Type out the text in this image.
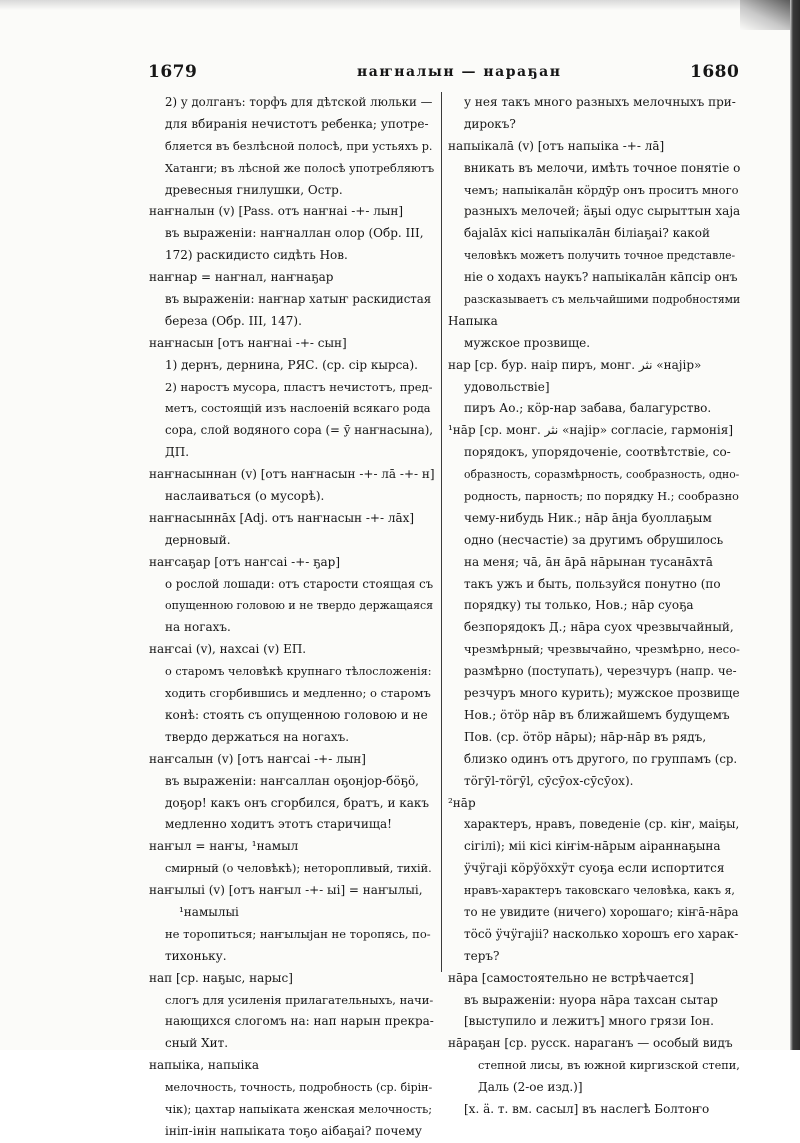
1679	наҥналын — нараҕан	1680
2) у долганъ: торфъ для дѣтской люльки —
для вбиранія нечистотъ ребенка; употре-
бляется въ безлѣсной полосѣ, при устьяхъ р.
Хатанги; въ лѣсной же полосѣ употребляютъ
древесныя гнилушки, Остр.
наҥналын (v) [Pass. отъ наҥнаі -+- лын]
въ выраженіи: наҥналлан олор (Обр. III,
172) раскидисто сидѣть Нов.
наҥнар = наҥнал, наҥнаҕар
въ выраженіи: наҥнар хатыҥ раскидистая
береза (Обр. III, 147).
наҥнасын [отъ наҥнаі -+- сын]
1) дернъ, дернина, РЯС. (ср. сір кырса).
2) наростъ мусора, пластъ нечистотъ, пред-
метъ, состоящій изъ наслоеній всякаго рода
сора, слой водяного сора (= ӯ наҥнасына),
ДП.
наҥнасыннан (v) [отъ наҥнасын -+- лā -+- н]
наслаиваться (о мусорѣ).
наҥнасыннāх [Adj. отъ наҥнасын -+- лāх]
дерновый.
наҥсаҕар [отъ наҥсаі -+- ҕар]
о рослой лошади: отъ старости стоящая съ
опущенною головою и не твердо держащаяся
на ногахъ.
наҥсаі (v), нахсаі (v) ЕП.
о старомъ человѣкѣ крупнаго тѣлосложенія:
ходить сгорбившись и медленно; о старомъ
конѣ: стоять съ опущенною головою и не
твердо держаться на ногахъ.
наҥсалын (v) [отъ наҥсаі -+- лын]
въ выраженіи: наҥсаллан оҕонјор-бӧҕӧ,
доҕор! какъ онъ сгорбился, братъ, и какъ
медленно ходитъ этотъ старичища!
наҥыл = наҥы, ¹намыл
смирный (о человѣкѣ); неторопливый, тихій.
наҥылыі (v) [отъ наҥыл -+- ыі] = наҥылыі,
¹намылыі
не торопиться; наҥылыјан не торопясь, по-
тихоньку.
нап [ср. наҕыс, нарыс]
слогъ для усиленія прилагательныхъ, начи-
нающихся слогомъ на: нап нарын прекра-
сный Хит.
напыіка, напыіка
мелочность, точность, подробность (ср. бірін-
чік); цахтар напыікатa женская мелочность;
ініп-інін напыіката тоҕо аібаҕаі? почему
у нея такъ много разныхъ мелочныхъ при-
дирокъ?
напыікалā (v) [отъ напыіка -+- лā]
вникать въ мелочи, имѣть точное понятіе о
чемъ; напыікалāн кӧрдӯр онъ проситъ много
разныхъ мелочей; ӓҕыі одус сырыттын хаjа
баjаlāх кісі напыікалāн біліаҕаі? какой
человѣкъ можетъ получить точное представле-
ніе о ходахъ наукъ? напыікалāн кāпсір онъ
разсказываетъ съ мельчайшими подробностями
Напыка
мужское прозвище.
нар [ср. бур. наір пиръ, монг. نثر «наjір»
удовольствіе]
пиръ Ао.; кӧр-нар забава, балагурство.
¹нāр [ср. монг. نثر «наjір» согласіе, гармонія]
порядокъ, упорядоченіе, соотвѣтствіе, со-
образность, соразмѣрность, сообразность, одно-
родность, парность; по порядку Н.; сообразно
чему-нибудь Ник.; нāр āнja буоллаҕым
одно (несчастіе) за другимъ обрушилось
на меня; чā, āн āрā нāрынан тусанāхтā
такъ ужъ и быть, пользуйся понутно (по
порядку) ты только, Нов.; нāр суоҕа
безпорядокъ Д.; нāра суох чрезвычайный,
чрезмѣрный; чрезвычайно, чрезмѣрно, несо-
размѣрно (поступать), черезчуръ (напр. че-
резчуръ много курить); мужское прозвище
Нов.; ӧтӧр нāр въ ближайшемъ будущемъ
Пов. (ср. ӧтӧр нāры); нāр-нāр въ рядъ,
близко одинъ отъ другого, по группамъ (ср.
тӧгӯl-тӧгӯl, сӯсӯох-сӯсӯох).
²нāр
характеръ, нравъ, поведеніе (ср. кіҥ, маіҕы,
сігілі); міі кісі кіҥім-нāрым аіраннаҕына
ӱчӱгаjі кӧрӱӧххӱт суоҕа если испортится
нравъ-характеръ таковскаго человѣка, какъ я,
то не увидите (ничего) хорошаго; кіҥā-нāра
тӧсӧ ӱчӱгаjіі? насколько хорошъ его харак-
теръ?
нāра [самостоятельно не встрѣчается]
въ выраженіи: нуора нāра тахсан сытар
[выступило и лежитъ] много грязи Іон.
нāраҕан [ср. русск. нараганъ — особый видъ
степной лисы, въ южной киргизской степи,
Даль (2-ое изд.)]
[х. ӓ. т. вм. сасыл] въ наслегѣ Болтоҥо
